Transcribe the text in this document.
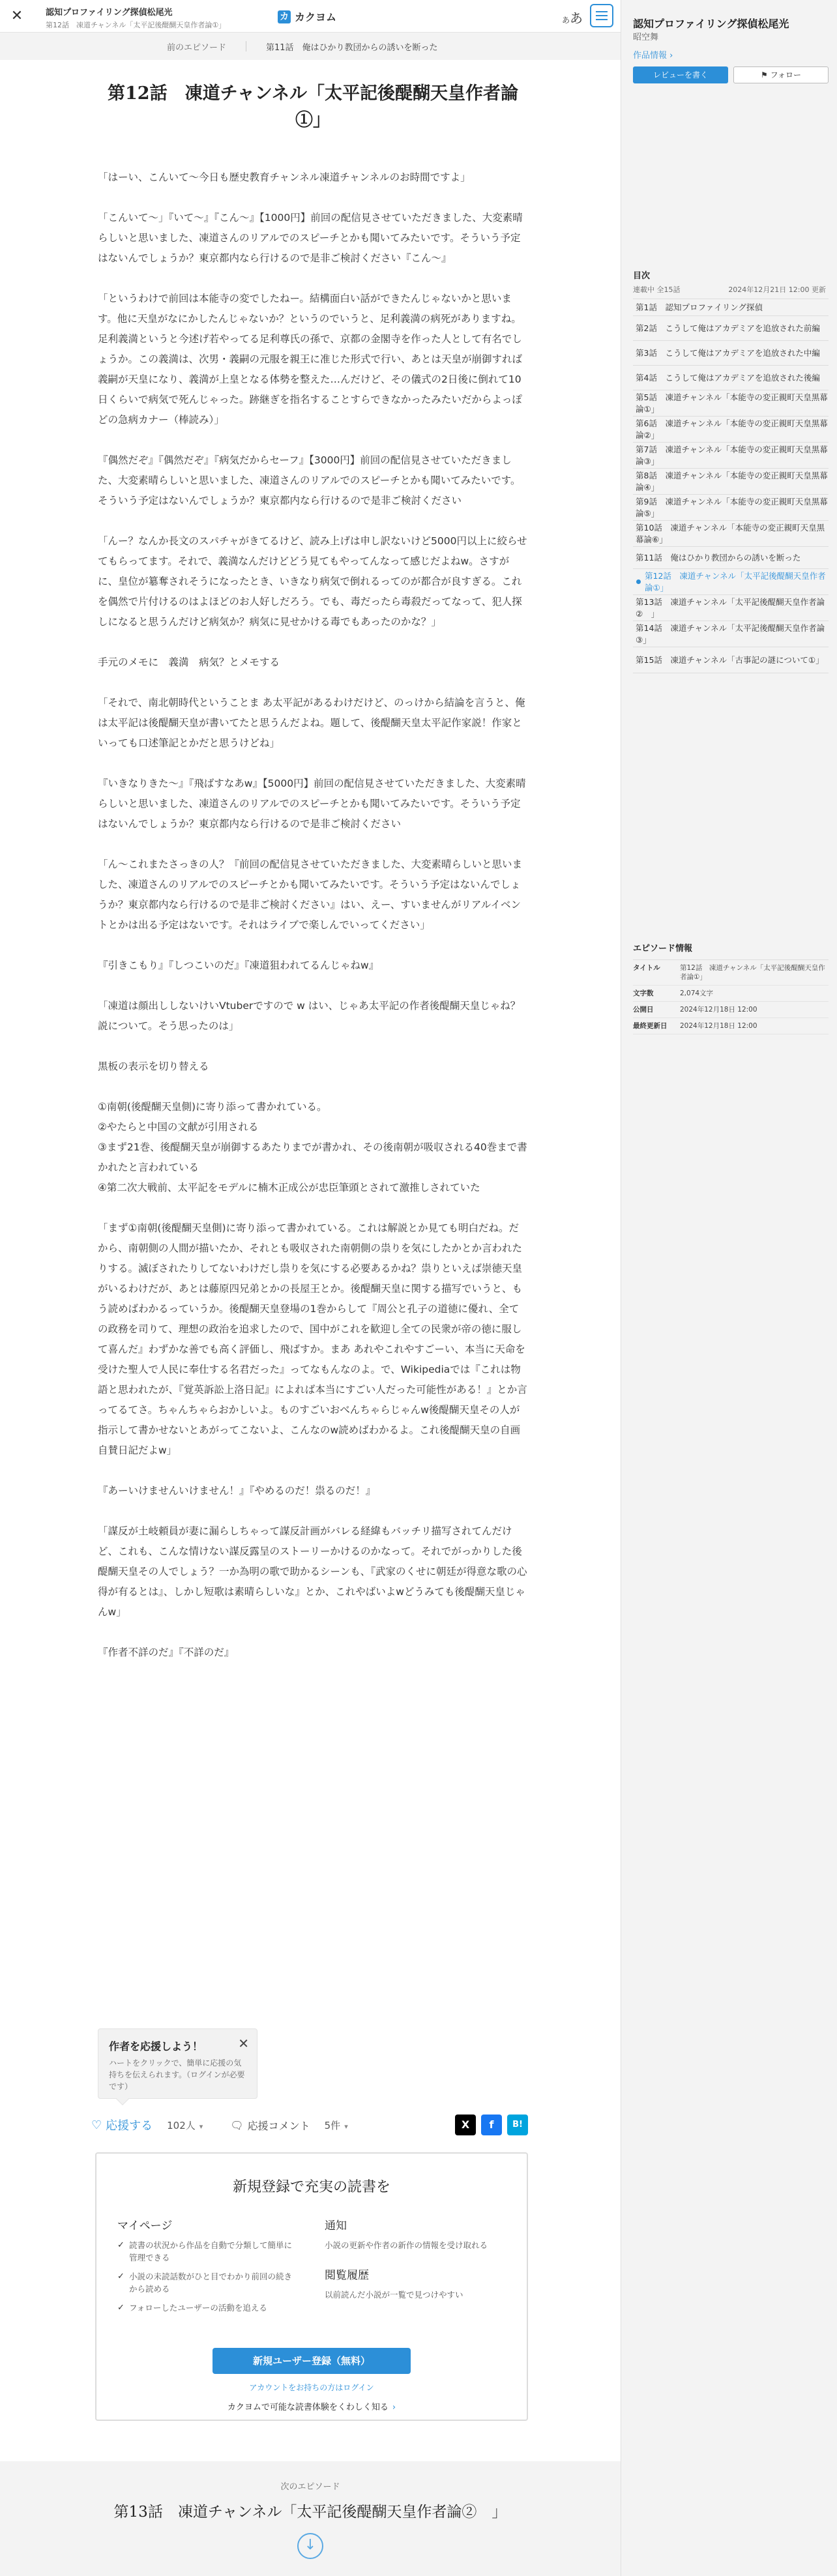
✕	認知プロファイリング探偵松尾光
第12話　凍道チャンネル「太平記後醍醐天皇作者論①」
カ カクヨム	ああ
前のエピソード	第11話　俺はひかり教団からの誘いを断った
第12話　凍道チャンネル「太平記後醍醐天皇作者論①」

「はーい、こんいて～今日も歴史教育チャンネル凍道チャンネルのお時間ですよ」

「こんいて～」『いて～』『こん～』【1000円】前回の配信見させていただきました、大変素晴らしいと思いました、凍道さんのリアルでのスピーチとかも聞いてみたいです。そういう予定はないんでしょうか？東京都内なら行けるので是非ご検討ください『こん～』

「というわけで前回は本能寺の変でしたねー。結構面白い話ができたんじゃないかと思います。他に天皇がなにかしたんじゃないか？というのでいうと、足利義満の病死がありますね。足利義満というと今述げ若やってる足利尊氏の孫で、京都の金閣寺を作った人として有名でしょうか。この義満は、次男・義嗣の元服を親王に准じた形式で行い、あとは天皇が崩御すれば義嗣が天皇になり、義満が上皇となる体勢を整えた…んだけど、その儀式の2日後に倒れて10日くらいで病気で死んじゃった。跡継ぎを指名することすらできなかったみたいだからよっぽどの急病カナー（棒読み）」

『偶然だぞ』『偶然だぞ』『病気だからセーフ』【3000円】前回の配信見させていただきました、大変素晴らしいと思いました、凍道さんのリアルでのスピーチとかも聞いてみたいです。そういう予定はないんでしょうか？東京都内なら行けるので是非ご検討ください

「んー？なんか長文のスパチャがきてるけど、読み上げは申し訳ないけど5000円以上に絞らせてもらってます。それで、義満なんだけどどう見てもやってんなって感じだよねw。さすがに、皇位が簒奪されそうになったとき、いきなり病気で倒れるってのが都合が良すぎる。これを偶然で片付けるのはよほどのお人好しだろう。でも、毒だったら毒殺だってなって、犯人探しになると思うんだけど病気か？病気に見せかける毒でもあったのかな？」

手元のメモに　義満　病気？とメモする

「それで、南北朝時代ということま あ太平記があるわけだけど、のっけから結論を言うと、俺は太平記は後醍醐天皇が書いてたと思うんだよね。題して、後醍醐天皇太平記作家説！作家といっても口述筆記とかだと思うけどね」

『いきなりきた～』『飛ばすなあw』【5000円】前回の配信見させていただきました、大変素晴らしいと思いました、凍道さんのリアルでのスピーチとかも聞いてみたいです。そういう予定はないんでしょうか？東京都内なら行けるので是非ご検討ください

「ん～これまたさっきの人？『前回の配信見させていただきました、大変素晴らしいと思いました、凍道さんのリアルでのスピーチとかも聞いてみたいです。そういう予定はないんでしょうか？東京都内なら行けるので是非ご検討ください』はい、えー、すいませんがリアルイベントとかは出る予定はないです。それはライブで楽しんでいってください」

『引きこもり』『しつこいのだ』『凍道狙われてるんじゃねw』

「凍道は顔出ししないけいVtuberですので w はい、じゃあ太平記の作者後醍醐天皇じゃね？説について。そう思ったのは」

黒板の表示を切り替える

①南朝(後醍醐天皇側)に寄り添って書かれている。

②やたらと中国の文献が引用される

③まず21巻、後醍醐天皇が崩御するあたりまでが書かれ、その後南朝が吸収される40巻まで書かれたと言われている

④第二次大戦前、太平記をモデルに楠木正成公が忠臣筆頭とされて激推しされていた

「まず①南朝(後醍醐天皇側)に寄り添って書かれている。これは解説とか見ても明白だね。だから、南朝側の人間が描いたか、それとも吸収された南朝側の祟りを気にしたかとか言われたりする。滅ぼされたりしてないわけだし祟りを気にする必要あるかね？祟りといえば崇徳天皇がいるわけだが、あとは藤原四兄弟とかの長屋王とか。後醍醐天皇に関する描写でいうと、もう読めばわかるっていうか。後醍醐天皇登場の1巻からして『周公と孔子の道徳に優れ、全ての政務を司りて、理想の政治を追求したので、国中がこれを歓迎し全ての民衆が帝の徳に服して喜んだ』わずかな善でも高く評価し、飛ばすか。まあ あれやこれやすごーい、本当に天命を受けた聖人で人民に奉仕する名君だった』ってなもんなのよ。で、Wikipediaでは『これは物語と思われたが、『覚英訴訟上洛日記』によれば本当にすごい人だった可能性がある！』とか言ってるてさ。ちゃんちゃらおかしいよ。ものすごいおべんちゃらじゃんw後醍醐天皇その人が指示して書かせないとあがってこないよ、こんなのw読めばわかるよ。これ後醍醐天皇の自画自賛日記だよw」

『あーいけませんいけません！』『やめるのだ！祟るのだ！』

「謀反が土岐頼員が妻に漏らしちゃって謀反計画がバレる経緯もバッチリ描写されてんだけど、これも、こんな情けない謀反露呈のストーリーかけるのかなって。それでがっかりした後醍醐天皇その人でしょう？一か為明の歌で助かるシーンも、『武家のくせに朝廷が得意な歌の心得が有るとは』、しかし短歌は素晴らしいな』とか、これやばいよwどうみても後醍醐天皇じゃんw」

『作者不詳のだ』『不詳のだ』

作者を応援しよう！

ハートをクリックで、簡単に応援の気持ちを伝えられます。（ログインが必要です）

✕
♡ 応援する 102人 ▾	🗨 応援コメント 5件 ▾	X	f	B!
新規登録で充実の読書を
マイページ
✓ 読書の状況から作品を自動で分類して簡単に管理できる
✓ 小説の未読話数がひと目でわかり前回の続きから読める
✓ フォローしたユーザーの活動を追える
通知
小説の更新や作者の新作の情報を受け取れる
閲覧履歴
以前読んだ小説が一覧で見つけやすい
新規ユーザー登録（無料）
アカウントをお持ちの方はログイン
カクヨムで可能な読書体験をくわしく知る ›
次のエピソード
第13話　凍道チャンネル「太平記後醍醐天皇作者論②　」
↓
認知プロファイリング探偵松尾光
昭空舞
作品情報 ›
レビューを書く	⚑ フォロー
目次
連載中 全15話	2024年12月21日 12:00 更新
第1話　認知プロファイリング探偵
第2話　こうして俺はアカデミアを追放された前編
第3話　こうして俺はアカデミアを追放された中編
第4話　こうして俺はアカデミアを追放された後編
第5話　凍道チャンネル「本能寺の変正親町天皇黒幕論①」
第6話　凍道チャンネル「本能寺の変正親町天皇黒幕論②」
第7話　凍道チャンネル「本能寺の変正親町天皇黒幕論③」
第8話　凍道チャンネル「本能寺の変正親町天皇黒幕論④」
第9話　凍道チャンネル「本能寺の変正親町天皇黒幕論⑤」
第10話　凍道チャンネル「本能寺の変正親町天皇黒幕論⑥」
第11話　俺はひかり教団からの誘いを断った
第12話　凍道チャンネル「太平記後醍醐天皇作者論①」
第13話　凍道チャンネル「太平記後醍醐天皇作者論②　」
第14話　凍道チャンネル「太平記後醍醐天皇作者論③」
第15話　凍道チャンネル「古事記の謎について①」
エピソード情報
タイトル	第12話　凍道チャンネル「太平記後醍醐天皇作者論①」
文字数	2,074文字
公開日	2024年12月18日 12:00
最終更新日	2024年12月18日 12:00
